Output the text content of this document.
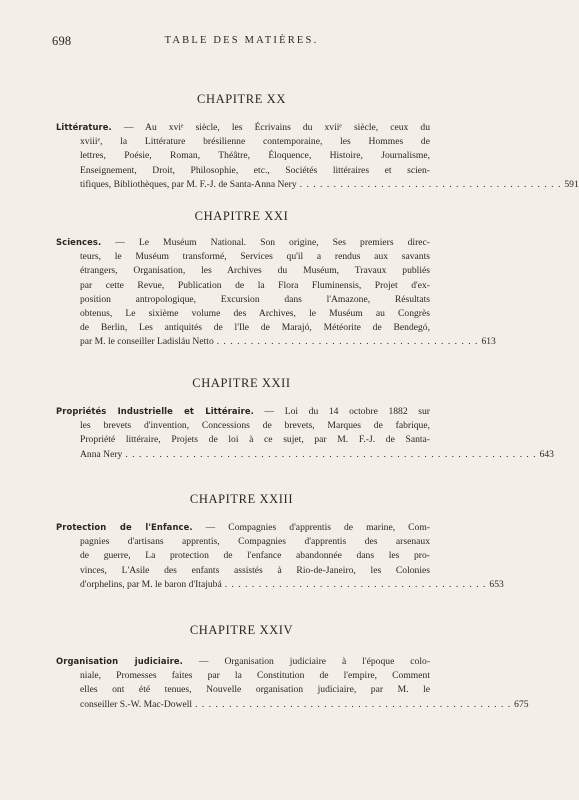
698	TABLE DES MATIÈRES.
CHAPITRE XX
Littérature. — Au xviᵉ siècle, les Écrivains du xviiᵉ siècle, ceux du
xviiiᵉ, la Littérature brésilienne contemporaine, les Hommes de
lettres, Poésie, Roman, Théâtre, Éloquence, Histoire, Journalisme,
Enseignement, Droit, Philosophie, etc., Sociétés littéraires et scien-
tifiques, Bibliothèques, par M. F.-J. de Santa-Anna Nery . . . . . . . . . . . . . . . . . . . . . . . . . . . . . . . . . . . . . . . 591
CHAPITRE XXI
Sciences. — Le Muséum National. Son origine, Ses premiers direc-
teurs, le Muséum transformé, Services qu'il a rendus aux savants
étrangers, Organisation, les Archives du Muséum, Travaux publiés
par cette Revue, Publication de la Flora Fluminensis, Projet d'ex-
position antropologique, Excursion dans l'Amazone, Résultats
obtenus, Le sixième volume des Archives, le Muséum au Congrès
de Berlin, Les antiquités de l'Ile de Marajó, Météorite de Bendegó,
par M. le conseiller Ladisláu Netto . . . . . . . . . . . . . . . . . . . . . . . . . . . . . . . . . . . . . . . 613
CHAPITRE XXII
Propriétés Industrielle et Littéraire. — Loi du 14 octobre 1882 sur
les brevets d'invention, Concessions de brevets, Marques de fabrique,
Propriété littéraire, Projets de loi à ce sujet, par M. F.-J. de Santa-
Anna Nery . . . . . . . . . . . . . . . . . . . . . . . . . . . . . . . . . . . . . . . . . . . . . . . . . . . . . . . . . . . . . 643
CHAPITRE XXIII
Protection de l'Enfance. — Compagnies d'apprentis de marine, Com-
pagnies d'artisans apprentis, Compagnies d'apprentis des arsenaux
de guerre, La protection de l'enfance abandonnée dans les pro-
vinces, L'Asile des enfants assistés à Rio-de-Janeiro, les Colonies
d'orphelins, par M. le baron d'Itajubá . . . . . . . . . . . . . . . . . . . . . . . . . . . . . . . . . . . . . . . 653
CHAPITRE XXIV
Organisation judiciaire. — Organisation judiciaire à l'époque colo-
niale, Promesses faites par la Constitution de l'empire, Comment
elles ont été tenues, Nouvelle organisation judiciaire, par M. le
conseiller S.-W. Mac-Dowell . . . . . . . . . . . . . . . . . . . . . . . . . . . . . . . . . . . . . . . . . . . . . . . 675
